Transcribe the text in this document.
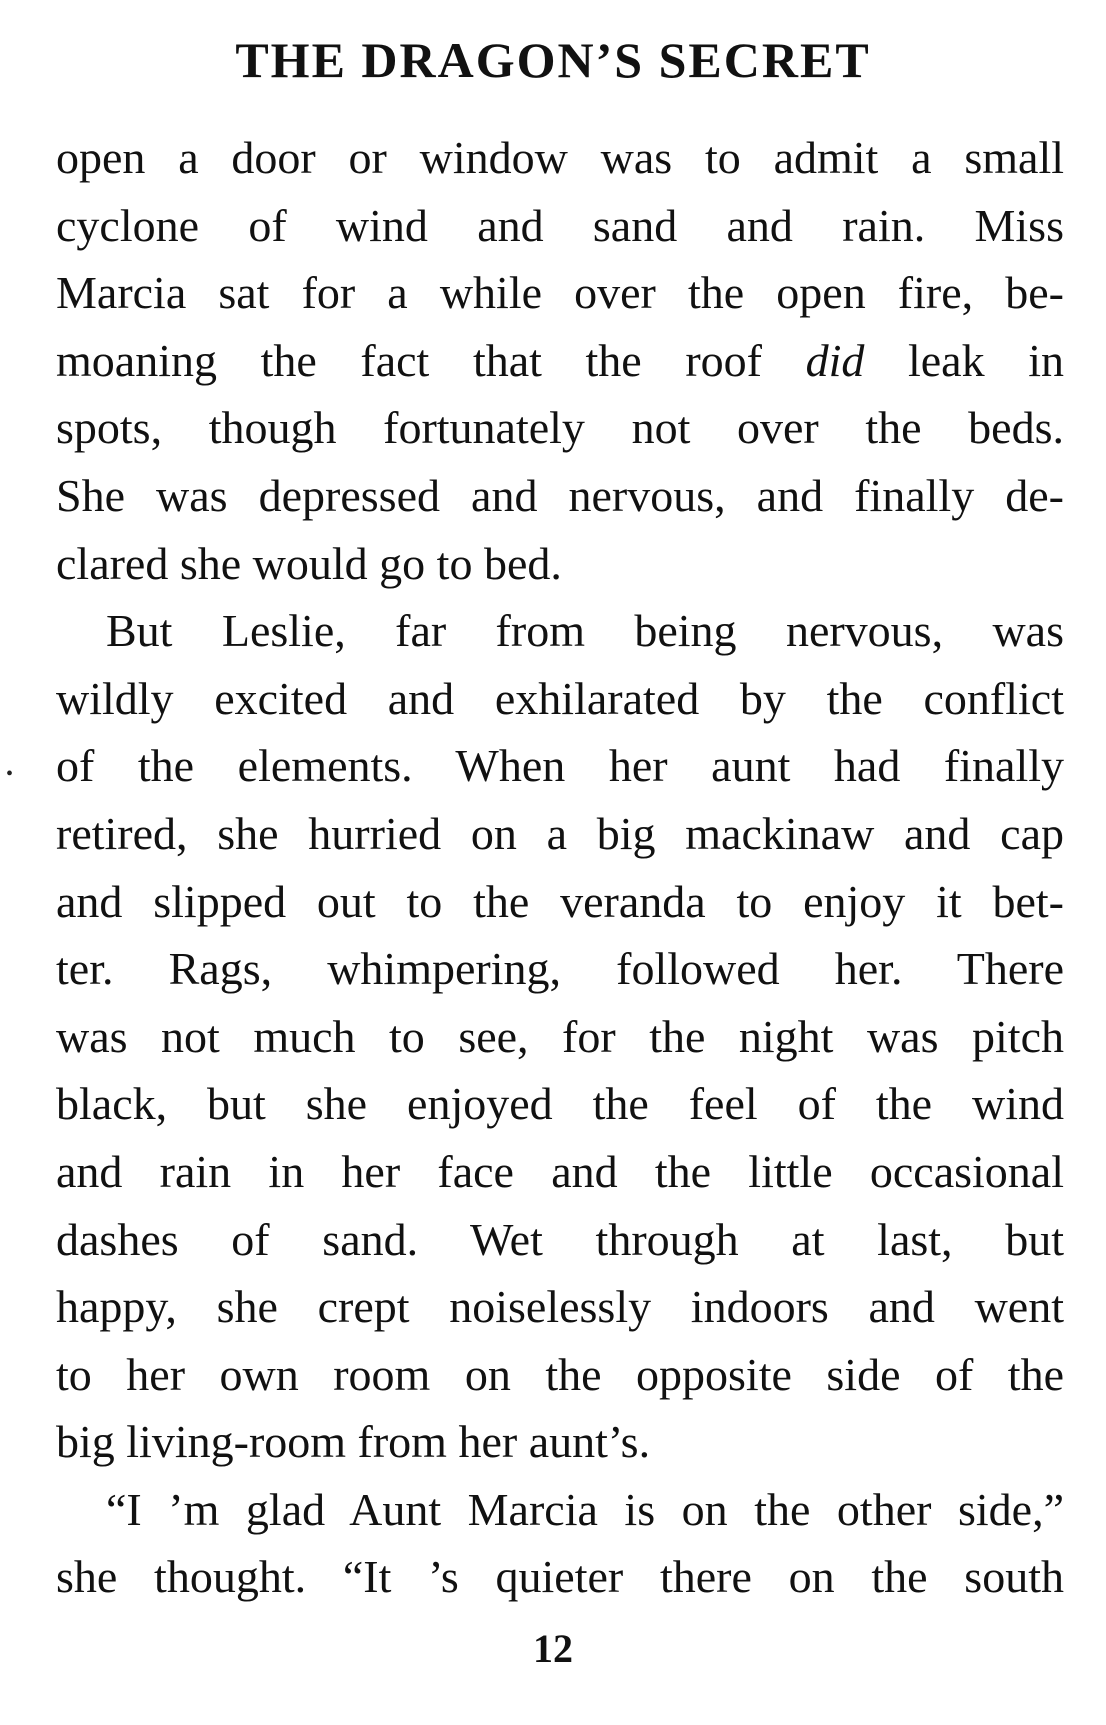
THE DRAGON’S SECRET
open a door or window was to admit a small
cyclone of wind and sand and rain. Miss
Marcia sat for a while over the open fire, be-
moaning the fact that the roof did leak in
spots, though fortunately not over the beds.
She was depressed and nervous, and finally de-
clared she would go to bed.
But Leslie, far from being nervous, was
wildly excited and exhilarated by the conflict
of the elements. When her aunt had finally
retired, she hurried on a big mackinaw and cap
and slipped out to the veranda to enjoy it bet-
ter. Rags, whimpering, followed her. There
was not much to see, for the night was pitch
black, but she enjoyed the feel of the wind
and rain in her face and the little occasional
dashes of sand. Wet through at last, but
happy, she crept noiselessly indoors and went
to her own room on the opposite side of the
big living-room from her aunt’s.
“I ’m glad Aunt Marcia is on the other side,”
she thought. “It ’s quieter there on the south
•
12
